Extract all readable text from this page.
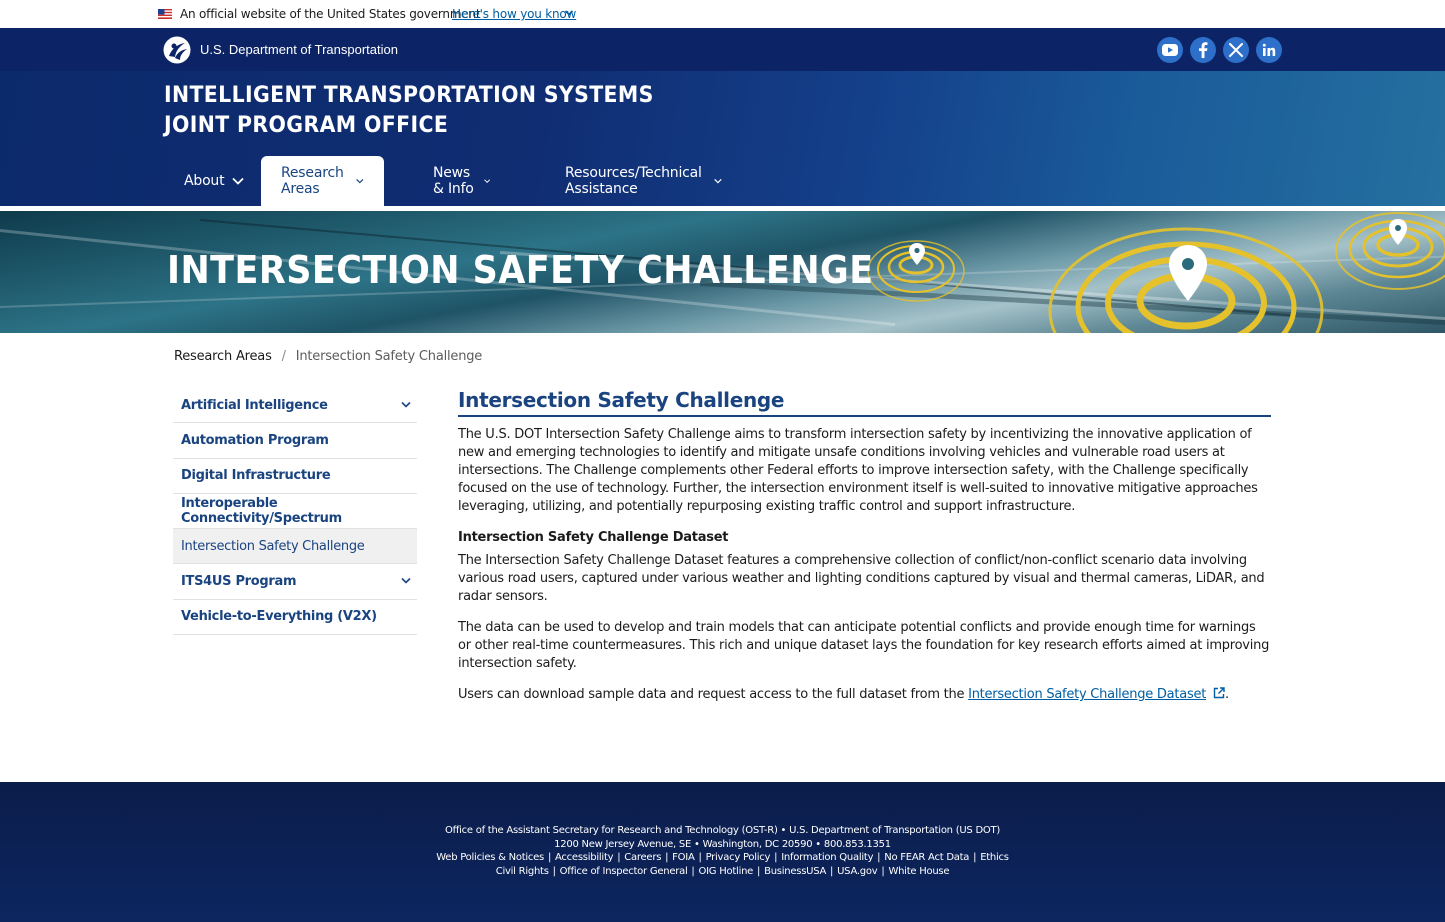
An official website of the United States government
Here's how you know
U.S. Department of Transportation
INTELLIGENT TRANSPORTATION SYSTEMS
JOINT PROGRAM OFFICE
About	Research Areas
News & Info
Resources/Technical Assistance
INTERSECTION SAFETY CHALLENGE
Research Areas / Intersection Safety Challenge
Artificial Intelligence
Automation Program
Digital Infrastructure
Interoperable Connectivity/Spectrum
Intersection Safety Challenge
ITS4US Program
Vehicle-to-Everything (V2X)
Intersection Safety Challenge

The U.S. DOT Intersection Safety Challenge aims to transform intersection safety by incentivizing the innovative application of new and emerging technologies to identify and mitigate unsafe conditions involving vehicles and vulnerable road users at intersections. The Challenge complements other Federal efforts to improve intersection safety, with the Challenge specifically focused on the use of technology. Further, the intersection environment itself is well-suited to innovative mitigative approaches leveraging, utilizing, and potentially repurposing existing traffic control and support infrastructure.

Intersection Safety Challenge Dataset

The Intersection Safety Challenge Dataset features a comprehensive collection of conflict/non-conflict scenario data involving various road users, captured under various weather and lighting conditions captured by visual and thermal cameras, LiDAR, and radar sensors.

The data can be used to develop and train models that can anticipate potential conflicts and provide enough time for warnings or other real-time countermeasures. This rich and unique dataset lays the foundation for key research efforts aimed at improving intersection safety.

Users can download sample data and request access to the full dataset from the Intersection Safety Challenge Dataset .

Office of the Assistant Secretary for Research and Technology (OST-R) • U.S. Department of Transportation (US DOT)
1200 New Jersey Avenue, SE • Washington, DC 20590 • 800.853.1351
Web Policies & Notices | Accessibility | Careers | FOIA | Privacy Policy | Information Quality | No FEAR Act Data | Ethics
Civil Rights | Office of Inspector General | OIG Hotline | BusinessUSA | USA.gov | White House
